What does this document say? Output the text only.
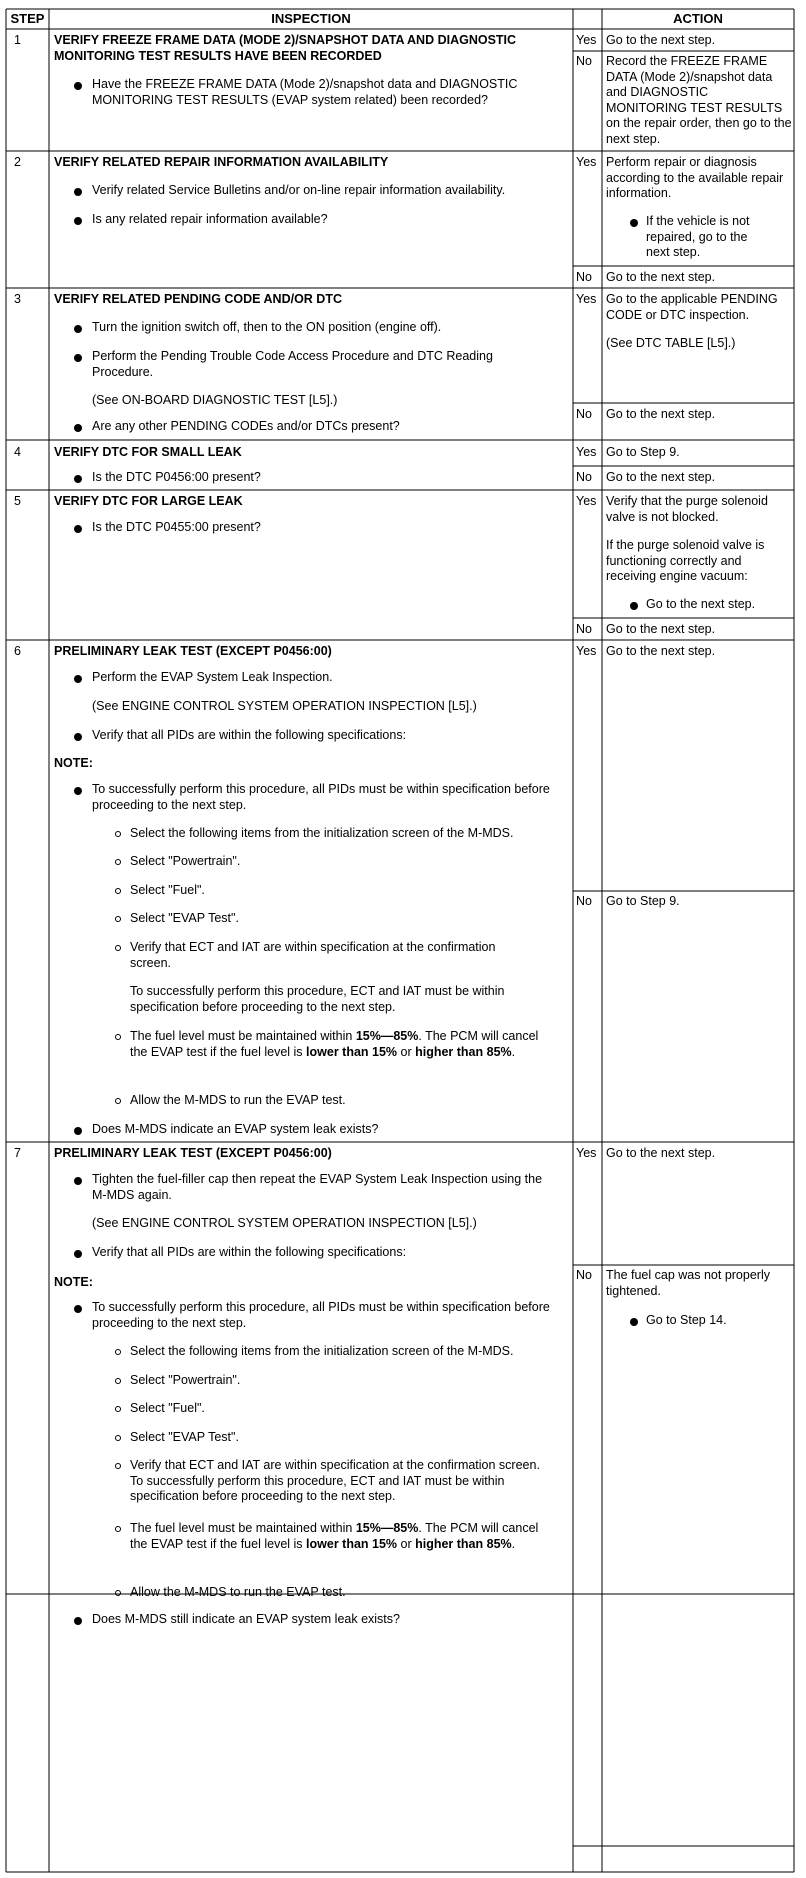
STEP	INSPECTION	ACTION
1	VERIFY FREEZE FRAME DATA (MODE 2)/SNAPSHOT DATA AND DIAGNOSTIC MONITORING TEST RESULTS HAVE BEEN RECORDED
Have the FREEZE FRAME DATA (Mode 2)/snapshot data and DIAGNOSTIC MONITORING TEST RESULTS (EVAP system related) been recorded?
Yes Go to the next step.
No Record the FREEZE FRAME DATA (Mode 2)/snapshot data and DIAGNOSTIC MONITORING TEST RESULTS on the repair order, then go to the next step.
2	VERIFY RELATED REPAIR INFORMATION AVAILABILITY
Verify related Service Bulletins and/or on-line repair information availability.
Is any related repair information available?
Yes Perform repair or diagnosis according to the available repair information.
If the vehicle is not repaired, go to the next step.
No Go to the next step.
3	VERIFY RELATED PENDING CODE AND/OR DTC
Turn the ignition switch off, then to the ON position (engine off).
Perform the Pending Trouble Code Access Procedure and DTC Reading Procedure.
(See ON-BOARD DIAGNOSTIC TEST [L5].)
Are any other PENDING CODEs and/or DTCs present?
Yes Go to the applicable PENDING CODE or DTC inspection.
(See DTC TABLE [L5].)
No Go to the next step.
4	VERIFY DTC FOR SMALL LEAK
Is the DTC P0456:00 present?
Yes Go to Step 9.
No Go to the next step.
5	VERIFY DTC FOR LARGE LEAK
Is the DTC P0455:00 present?
Yes Verify that the purge solenoid valve is not blocked.
If the purge solenoid valve is functioning correctly and receiving engine vacuum:
Go to the next step.
No Go to the next step.
6	PRELIMINARY LEAK TEST (EXCEPT P0456:00)
Perform the EVAP System Leak Inspection.
(See ENGINE CONTROL SYSTEM OPERATION INSPECTION [L5].)
Verify that all PIDs are within the following specifications:
NOTE:
To successfully perform this procedure, all PIDs must be within specification before proceeding to the next step.
Select the following items from the initialization screen of the M-MDS.
Select "Powertrain".
Select "Fuel".
Select "EVAP Test".
Verify that ECT and IAT are within specification at the confirmation screen.
To successfully perform this procedure, ECT and IAT must be within specification before proceeding to the next step.
The fuel level must be maintained within 15%—85%. The PCM will cancel the EVAP test if the fuel level is lower than 15% or higher than 85%.
Allow the M-MDS to run the EVAP test.
Does M-MDS indicate an EVAP system leak exists?
Yes Go to the next step.
No Go to Step 9.
7	PRELIMINARY LEAK TEST (EXCEPT P0456:00)
Tighten the fuel-filler cap then repeat the EVAP System Leak Inspection using the M-MDS again.
(See ENGINE CONTROL SYSTEM OPERATION INSPECTION [L5].)
Verify that all PIDs are within the following specifications:
NOTE:
To successfully perform this procedure, all PIDs must be within specification before proceeding to the next step.
Select the following items from the initialization screen of the M-MDS.
Select "Powertrain".
Select "Fuel".
Select "EVAP Test".
Verify that ECT and IAT are within specification at the confirmation screen. To successfully perform this procedure, ECT and IAT must be within specification before proceeding to the next step.
The fuel level must be maintained within 15%—85%. The PCM will cancel the EVAP test if the fuel level is lower than 15% or higher than 85%.
Allow the M-MDS to run the EVAP test.
Does M-MDS still indicate an EVAP system leak exists?
Yes Go to the next step.
No The fuel cap was not properly tightened.
Go to Step 14.
